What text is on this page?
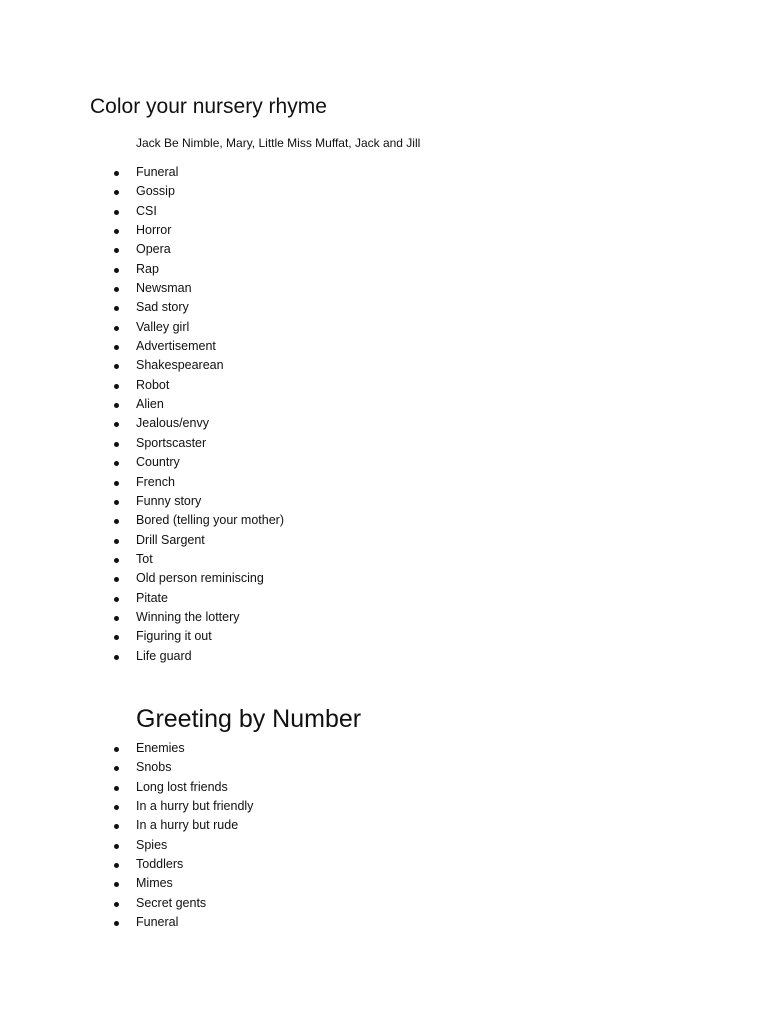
Color your nursery rhyme

Jack Be Nimble, Mary, Little Miss Muffat, Jack and Jill

Funeral
Gossip
CSI
Horror
Opera
Rap
Newsman
Sad story
Valley girl
Advertisement
Shakespearean
Robot
Alien
Jealous/envy
Sportscaster
Country
French
Funny story
Bored (telling your mother)
Drill Sargent
Tot
Old person reminiscing
Pitate
Winning the lottery
Figuring it out
Life guard
Greeting by Number
Enemies
Snobs
Long lost friends
In a hurry but friendly
In a hurry but rude
Spies
Toddlers
Mimes
Secret gents
Funeral
